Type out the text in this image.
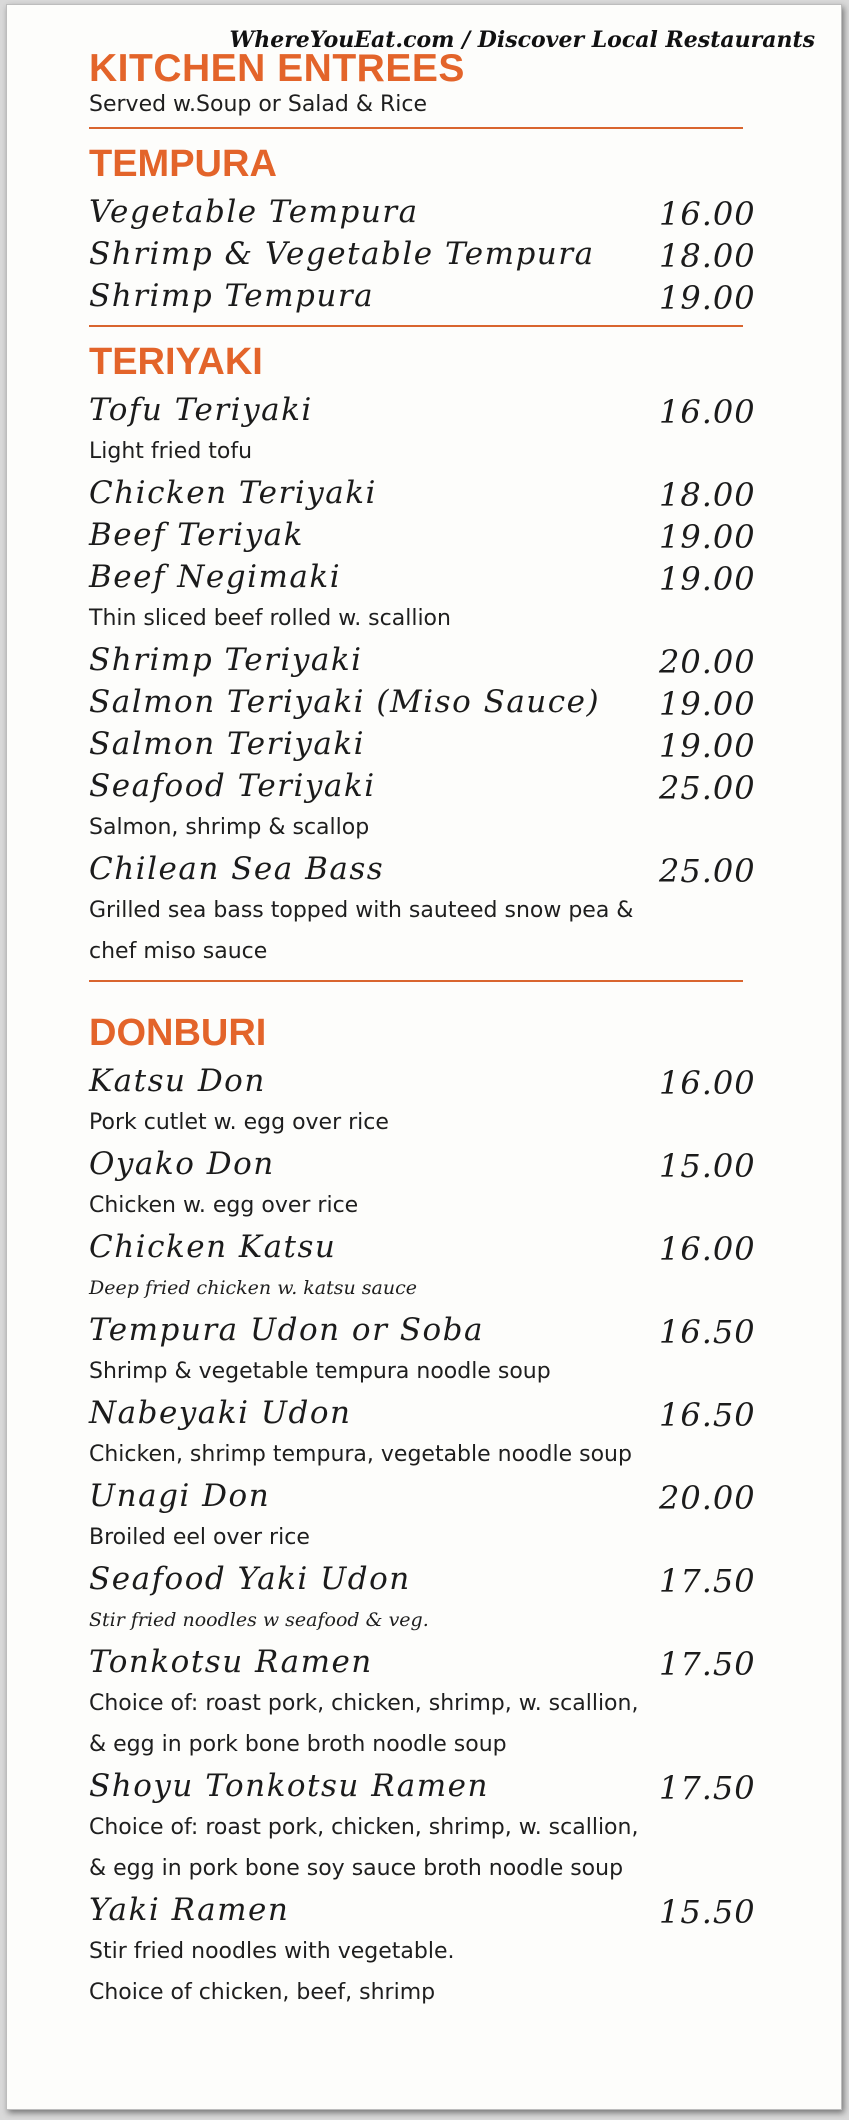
WhereYouEat.com / Discover Local Restaurants
KITCHEN ENTREES
Served w.Soup or Salad & Rice
TEMPURA
Vegetable Tempura	16.00
Shrimp & Vegetable Tempura 18.00
Shrimp Tempura	19.00
TERIYAKI
Tofu Teriyaki	16.00
Light fried tofu
Chicken Teriyaki	18.00
Beef Teriyak	19.00
Beef Negimaki	19.00
Thin sliced beef rolled w. scallion
Shrimp Teriyaki	20.00
Salmon Teriyaki (Miso Sauce) 19.00
Salmon Teriyaki	19.00
Seafood Teriyaki	25.00
Salmon, shrimp & scallop
Chilean Sea Bass	25.00
Grilled sea bass topped with sauteed snow pea &
chef miso sauce
DONBURI
Katsu Don	16.00
Pork cutlet w. egg over rice
Oyako Don	15.00
Chicken w. egg over rice
Chicken Katsu	16.00
Deep fried chicken w. katsu sauce
Tempura Udon or Soba	16.50
Shrimp & vegetable tempura noodle soup
Nabeyaki Udon	16.50
Chicken, shrimp tempura, vegetable noodle soup
Unagi Don	20.00
Broiled eel over rice
Seafood Yaki Udon	17.50
Stir fried noodles w seafood & veg.
Tonkotsu Ramen	17.50
Choice of: roast pork, chicken, shrimp, w. scallion,
& egg in pork bone broth noodle soup
Shoyu Tonkotsu Ramen	17.50
Choice of: roast pork, chicken, shrimp, w. scallion,
& egg in pork bone soy sauce broth noodle soup
Yaki Ramen	15.50
Stir fried noodles with vegetable.
Choice of chicken, beef, shrimp
